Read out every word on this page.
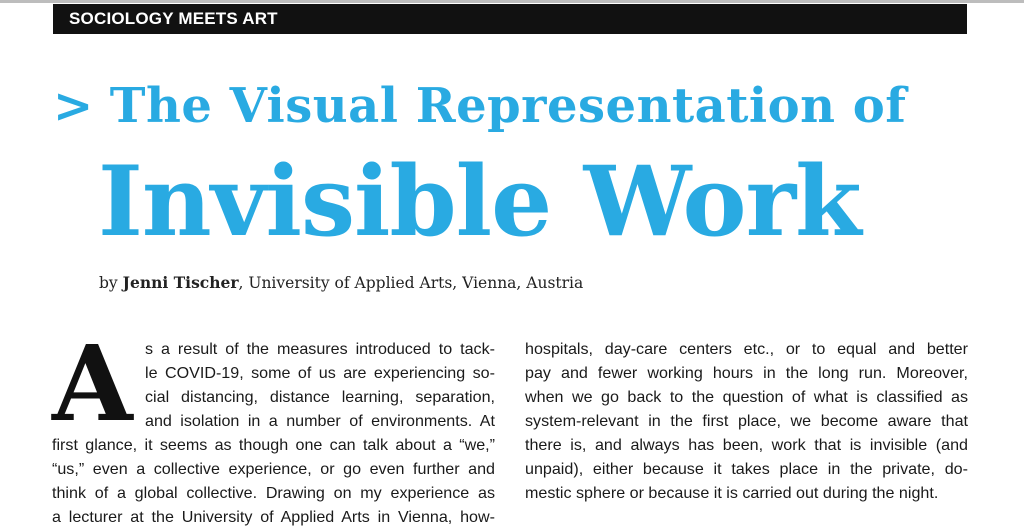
SOCIOLOGY MEETS ART
> The Visual Representation of
Invisible Work
by Jenni Tischer, University of Applied Arts, Vienna, Austria
A s a result of the measures introduced to tack-
le COVID-19, some of us are experiencing so-
cial distancing, distance learning, separation,
and isolation in a number of environments. At
first glance, it seems as though one can talk about a “we,”
“us,” even a collective experience, or go even further and
think of a global collective. Drawing on my experience as
a lecturer at the University of Applied Arts in Vienna, how-
hospitals, day-care centers etc., or to equal and better
pay and fewer working hours in the long run. Moreover,
when we go back to the question of what is classified as
system-relevant in the first place, we become aware that
there is, and always has been, work that is invisible (and
unpaid), either because it takes place in the private, do-
mestic sphere or because it is carried out during the night.
